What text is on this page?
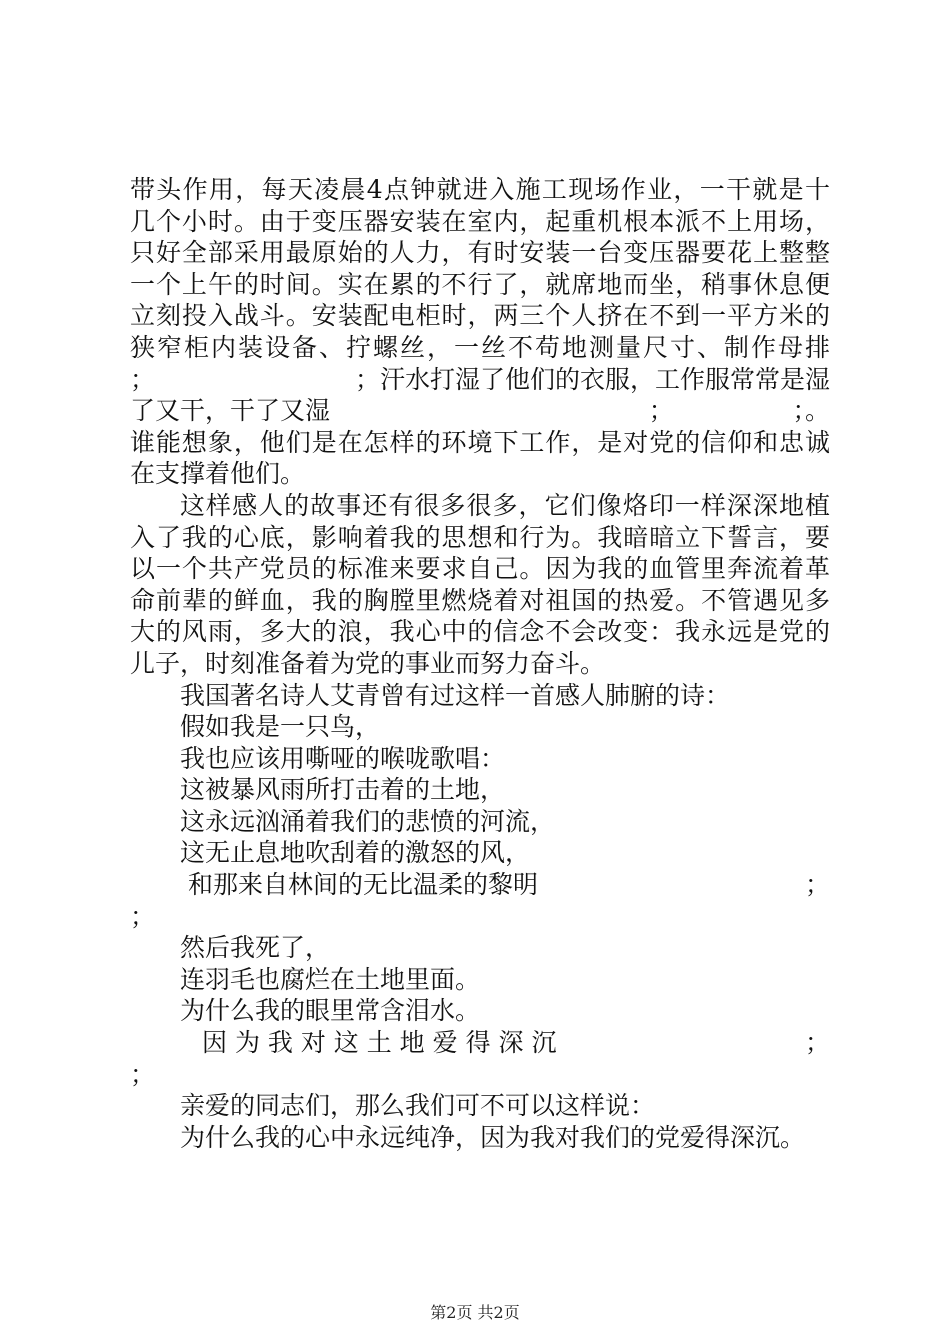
带头作用，每天凌晨4点钟就进入施工现场作业，一干就是十
几个小时。由于变压器安装在室内，起重机根本派不上用场，
只好全部采用最原始的人力，有时安装一台变压器要花上整整
一个上午的时间。实在累的不行了，就席地而坐，稍事休息便
立刻投入战斗。安装配电柜时，两三个人挤在不到一平方米的
狭窄柜内装设备、拧螺丝，一丝不苟地测量尺寸、制作母排
；	；汗水打湿了他们的衣服，工作服常常是湿
了又干，干了又湿	；	；。
谁能想象，他们是在怎样的环境下工作，是对党的信仰和忠诚
在支撑着他们。
这样感人的故事还有很多很多，它们像烙印一样深深地植
入了我的心底，影响着我的思想和行为。我暗暗立下誓言，要
以一个共产党员的标准来要求自己。因为我的血管里奔流着革
命前辈的鲜血，我的胸膛里燃烧着对祖国的热爱。不管遇见多
大的风雨，多大的浪，我心中的信念不会改变：我永远是党的
儿子，时刻准备着为党的事业而努力奋斗。
我国著名诗人艾青曾有过这样一首感人肺腑的诗：
假如我是一只鸟，
我也应该用嘶哑的喉咙歌唱：
这被暴风雨所打击着的土地，
这永远汹涌着我们的悲愤的河流，
这无止息地吹刮着的激怒的风，
和那来自林间的无比温柔的黎明	；
；
然后我死了，
连羽毛也腐烂在土地里面。
为什么我的眼里常含泪水。
因 为 我 对 这 土 地 爱 得 深 沉	；
；
亲爱的同志们，那么我们可不可以这样说：
为什么我的心中永远纯净，因为我对我们的党爱得深沉。
第2页 共2页
